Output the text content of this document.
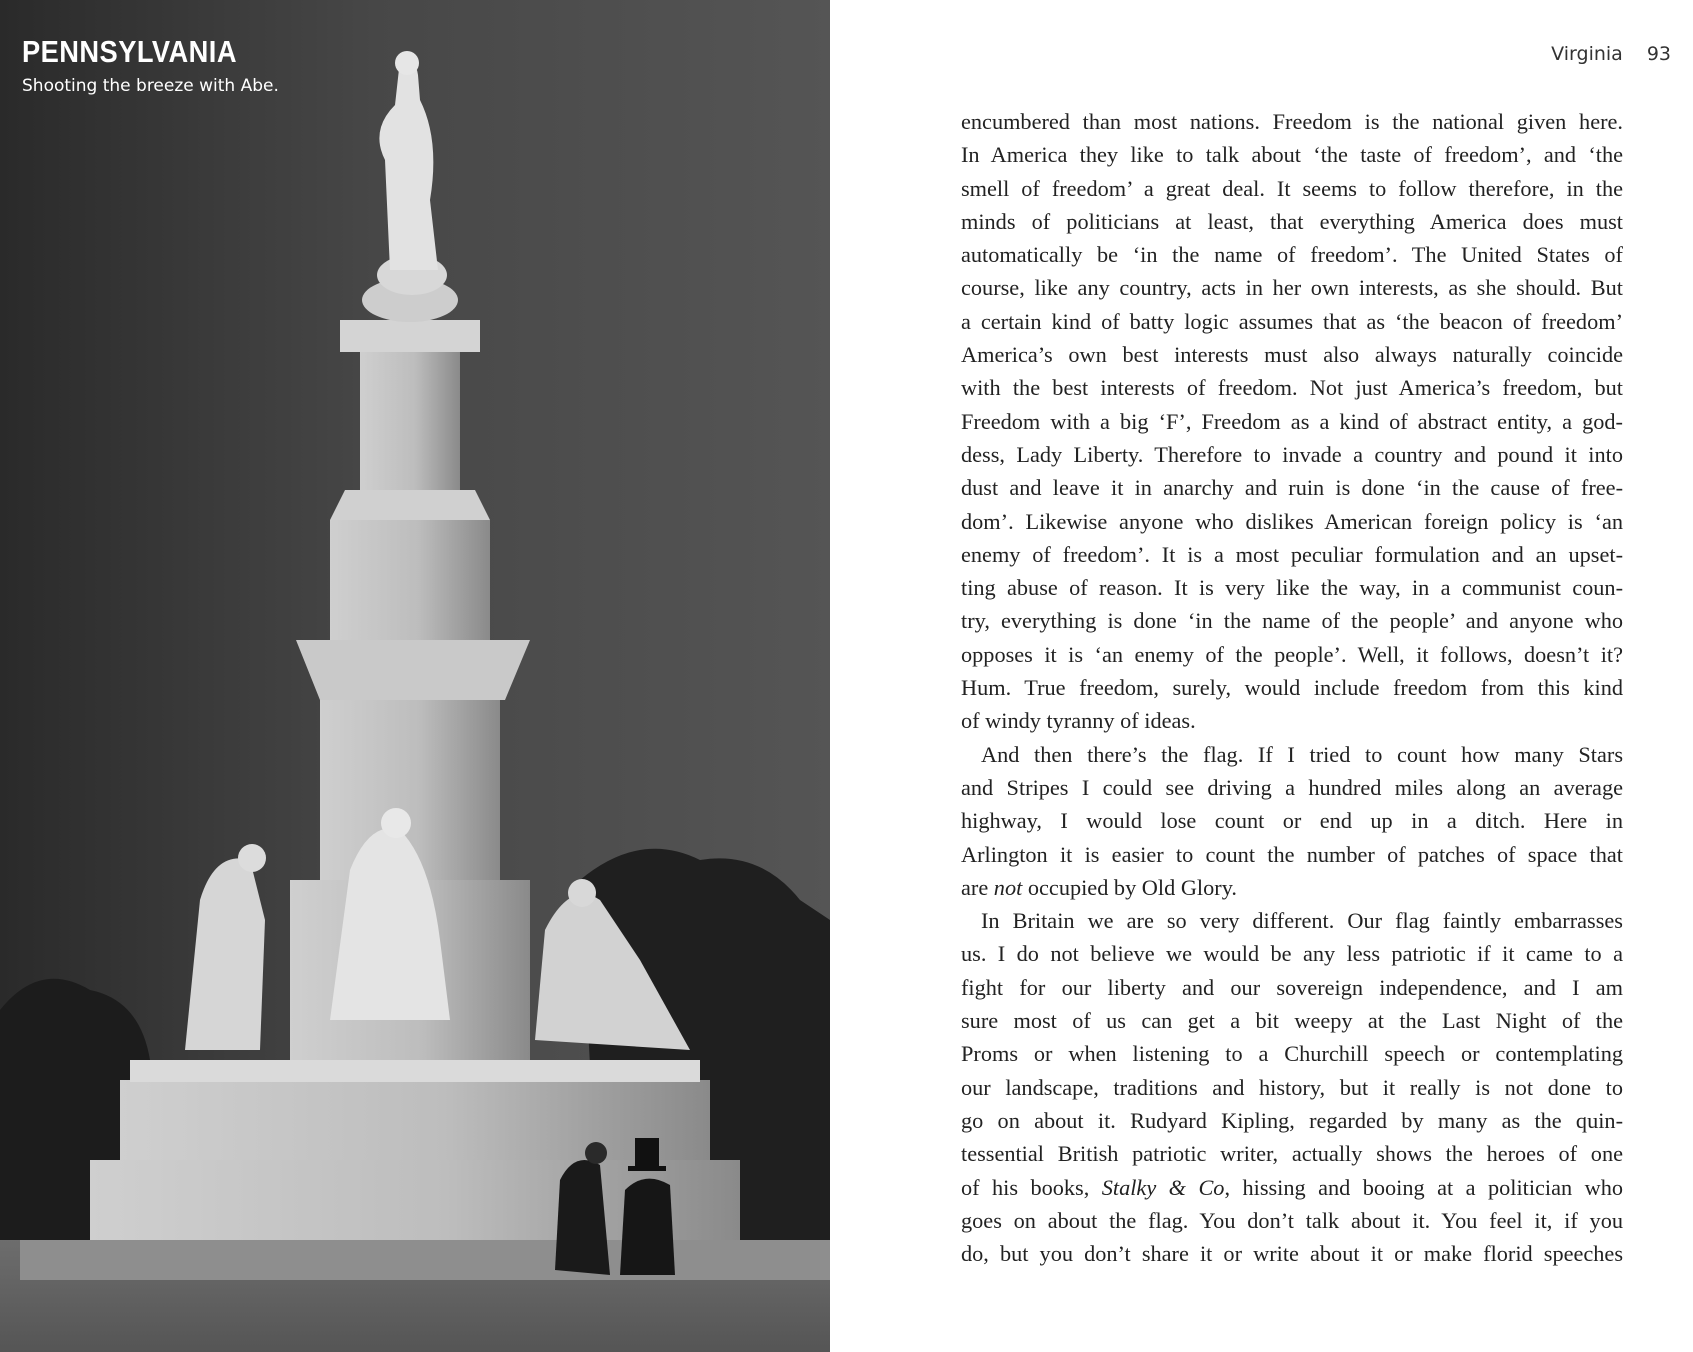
PENNSYLVANIA
Shooting the breeze with Abe.
Virginia 93
encumbered than most nations. Freedom is the national given here.
In America they like to talk about ‘the taste of freedom’, and ‘the
smell of freedom’ a great deal. It seems to follow therefore, in the
minds of politicians at least, that everything America does must
automatically be ‘in the name of freedom’. The United States of
course, like any country, acts in her own interests, as she should. But
a certain kind of batty logic assumes that as ‘the beacon of freedom’
America’s own best interests must also always naturally coincide
with the best interests of freedom. Not just America’s freedom, but
Freedom with a big ‘F’, Freedom as a kind of abstract entity, a god-
dess, Lady Liberty. Therefore to invade a country and pound it into
dust and leave it in anarchy and ruin is done ‘in the cause of free-
dom’. Likewise anyone who dislikes American foreign policy is ‘an
enemy of freedom’. It is a most peculiar formulation and an upset-
ting abuse of reason. It is very like the way, in a communist coun-
try, everything is done ‘in the name of the people’ and anyone who
opposes it is ‘an enemy of the people’. Well, it follows, doesn’t it?
Hum. True freedom, surely, would include freedom from this kind
of windy tyranny of ideas.
And then there’s the flag. If I tried to count how many Stars
and Stripes I could see driving a hundred miles along an average
highway, I would lose count or end up in a ditch. Here in
Arlington it is easier to count the number of patches of space that
are not occupied by Old Glory.
In Britain we are so very different. Our flag faintly embarrasses
us. I do not believe we would be any less patriotic if it came to a
fight for our liberty and our sovereign independence, and I am
sure most of us can get a bit weepy at the Last Night of the
Proms or when listening to a Churchill speech or contemplating
our landscape, traditions and history, but it really is not done to
go on about it. Rudyard Kipling, regarded by many as the quin-
tessential British patriotic writer, actually shows the heroes of one
of his books, Stalky & Co, hissing and booing at a politician who
goes on about the flag. You don’t talk about it. You feel it, if you
do, but you don’t share it or write about it or make florid speeches
